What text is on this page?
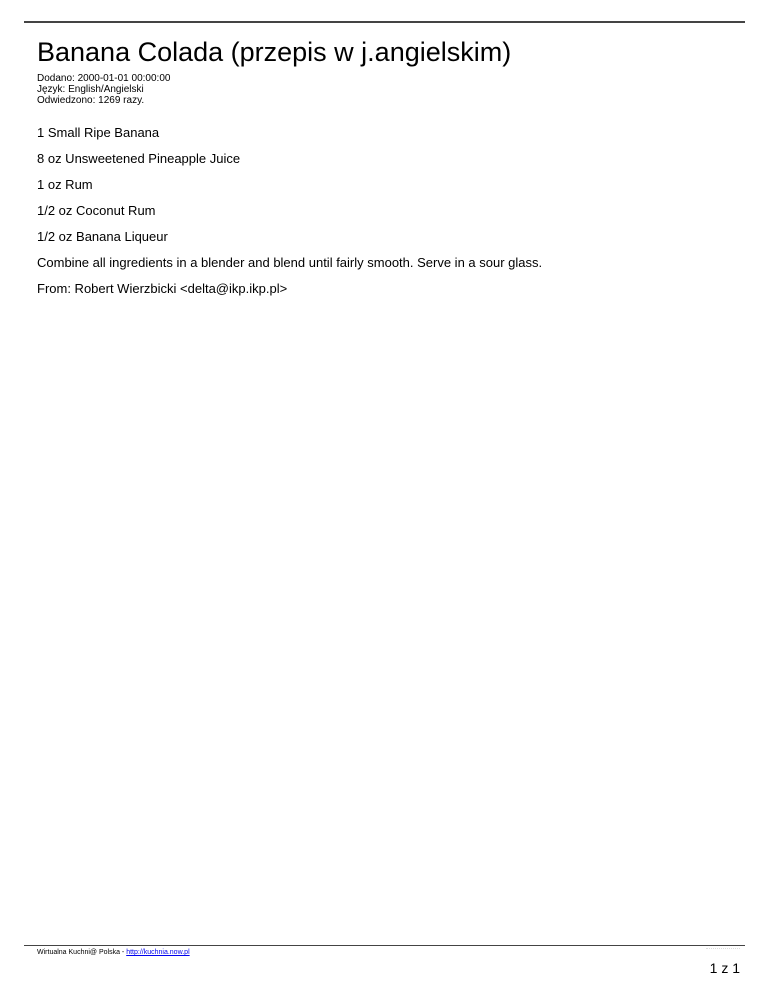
Banana Colada (przepis w j.angielskim)
Dodano: 2000-01-01 00:00:00
Język: English/Angielski
Odwiedzono: 1269 razy.

1 Small Ripe Banana

8 oz Unsweetened Pineapple Juice

1 oz Rum

1/2 oz Coconut Rum

1/2 oz Banana Liqueur

Combine all ingredients in a blender and blend until fairly smooth. Serve in a sour glass.

From: Robert Wierzbicki <delta@ikp.ikp.pl>

Wirtualna Kuchni@ Polska - http://kuchnia.now.pl
1 z 1
